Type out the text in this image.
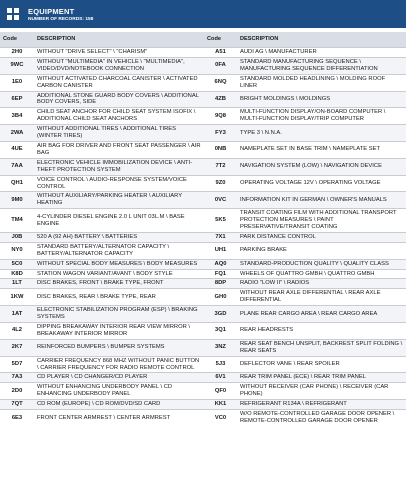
EQUIPMENT
NUMBER OF RECORDS: 158
Code	DESCRIPTION	Code	DESCRIPTION
2H0	WITHOUT "DRIVE SELECT" \ "CHARISM"	A51	AUDI AG \ MANUFACTURER
9WC	WITHOUT "MULTIMEDIA" IN VEHICLE \ "MULTIMEDIA", VIDEO/DVD/NOTEBOOK CONNECTION	0FA	STANDARD MANUFACTURING SEQUENCE \ MANUFACTURING SEQUENCE DIFFERENTIATION
1E0	WITHOUT ACTIVATED CHARCOAL CANISTER \ ACTIVATED CARBON CANISTER	6NQ	STANDARD MOLDED HEADLINING \ MOLDING ROOF LINER
6EP	ADDITIONAL STONE GUARD BODY COVERS \ ADDITIONAL BODY COVERS, SIDE	4ZB	BRIGHT MOLDINGS \ MOLDINGS
3B4	CHILD SEAT ANCHOR FOR CHILD SEAT SYSTEM ISOFIX \ ADDITIONAL CHILD SEAT ANCHORS	9Q8	MULTI-FUNCTION DISPLAY/ON-BOARD COMPUTER \ MULTI-FUNCTION DISPLAY/TRIP COMPUTER
2WA	WITHOUT ADDITIONAL TIRES \ ADDITIONAL TIRES (WINTER TIRES)	FY3	TYPE 3 \ N.N.A.
4UE	AIR BAG FOR DRIVER AND FRONT SEAT PASSENGER \ AIR BAG	0NB	NAMEPLATE SET IN BASE TRIM \ NAMEPLATE SET
7AA	ELECTRONIC VEHICLE IMMOBILIZATION DEVICE \ ANTI-THEFT PROTECTION SYSTEM	7T2	NAVIGATION SYSTEM (LOW) \ NAVIGATION DEVICE
QH1	VOICE CONTROL \ AUDIO-RESPONSE SYSTEM/VOICE CONTROL	9Z0	OPERATING VOLTAGE 12V \ OPERATING VOLTAGE
9M0	WITHOUT AUXILIARY/PARKING HEATER \ AUXILIARY HEATING	0VC	INFORMATION KIT IN GERMAN \ OWNER'S MANUALS
TM4	4-CYLINDER DIESEL ENGINE 2.0 L UNIT 03L.M \ BASE ENGINE	5K5	TRANSIT COATING FILM WITH ADDITIONAL TRANSPORT PROTECTION MEASURES \ PAINT PRESERVATIVE/TRANSIT COATING
J0B	520 A (92 AH) BATTERY \ BATTERIES	7X1	PARK DISTANCE CONTROL
NY0	STANDARD BATTERY/ALTERNATOR CAPACITY \ BATTERY/ALTERNATOR CAPACITY	UH1	PARKING BRAKE
5C0	WITHOUT SPECIAL BODY MEASURES \ BODY MEASURES	AQ0	STANDARD-PRODUCTION QUALITY \ QUALITY CLASS
K8D	STATION WAGON VARIANT/AVANT \ BODY STYLE	FQ1	WHEELS OF QUATTRO GMBH \ QUATTRO GMBH
1LT	DISC BRAKES, FRONT \ BRAKE TYPE, FRONT	8DP	RADIO "LOW II" \ RADIOS
1KW	DISC BRAKES, REAR \ BRAKE TYPE, REAR	GH0	WITHOUT REAR AXLE DIFFERENTIAL \ REAR AXLE DIFFERENTIAL
1AT	ELECTRONIC STABILIZATION PROGRAM (ESP) \ BRAKING SYSTEMS	3GD	PLANE REAR CARGO AREA \ REAR CARGO AREA
4L2	DIPPING BREAKAWAY INTERIOR REAR VIEW MIRROR \ BREAKAWAY INTERIOR MIRROR	3Q1	REAR HEADRESTS
2K7	REINFORCED BUMPERS \ BUMPER SYSTEMS	3NZ	REAR SEAT BENCH UNSPLIT, BACKREST SPLIT FOLDING \ REAR SEATS
5D7	CARRIER FREQUENCY 868 MHZ WITHOUT PANIC BUTTON \ CARRIER FREQUENCY FOR RADIO REMOTE CONTROL	5J3	DEFLECTOR VANE \ REAR SPOILER
7A3	CD PLAYER \ CD CHANGER/CD PLAYER	6V1	REAR TRIM PANEL (ECE) \ REAR TRIM PANEL
2D0	WITHOUT ENHANCING UNDERBODY PANEL \ CD ENHANCING UNDERBODY PANEL	QF0	WITHOUT RECEIVER (CAR PHONE) \ RECEIVER (CAR PHONE)
7QT	CD ROM (EUROPE) \ CD ROM/DVD/SD CARD	KK1	REFRIGERANT R134A \ REFRIGERANT
6E3	FRONT CENTER ARMREST \ CENTER ARMREST	VC0	W/O REMOTE-CONTROLLED GARAGE DOOR OPENER \ REMOTE-CONTROLLED GARAGE DOOR OPENER
